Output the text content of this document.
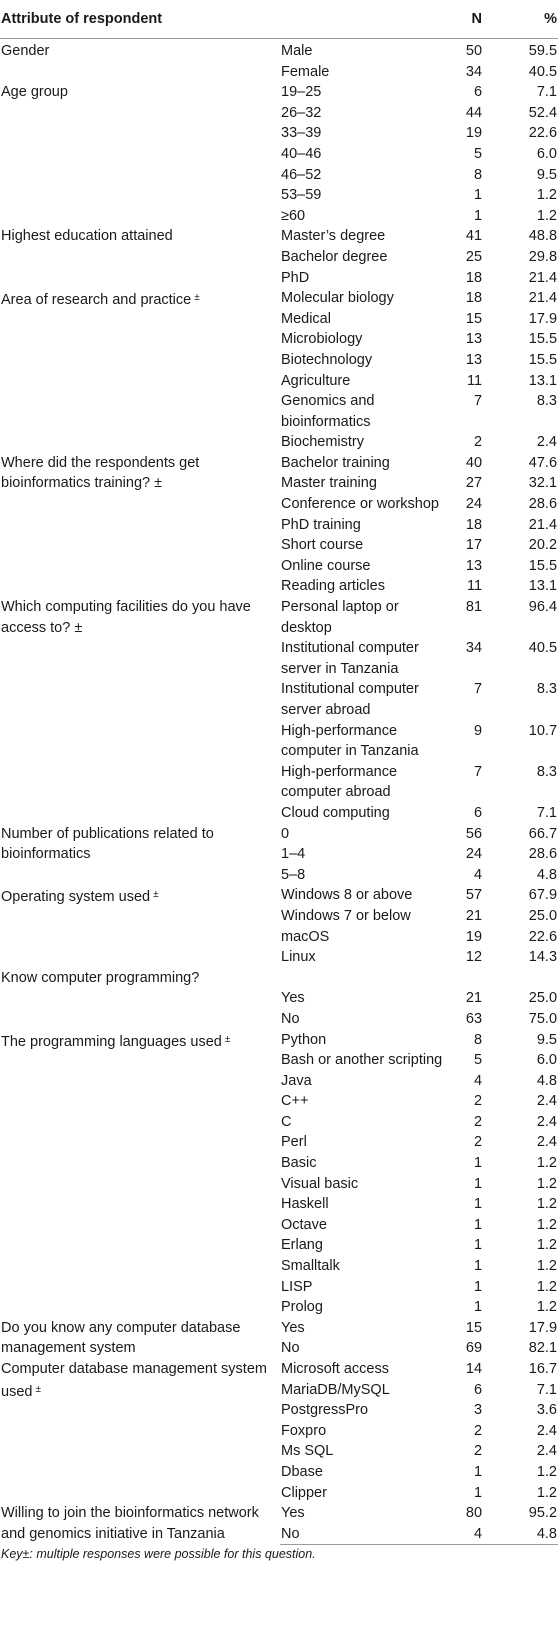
Attribute of respondent		N	%
Gender	Male	50	59.5
	Female	34	40.5
Age group	19–25	6	7.1
	26–32	44	52.4
	33–39	19	22.6
	40–46	5	6.0
	46–52	8	9.5
	53–59	1	1.2
	≥60	1	1.2
Highest education attained	Master’s degree	41	48.8
	Bachelor degree	25	29.8
	PhD	18	21.4
Area of research and practice ±	Molecular biology	18	21.4
	Medical	15	17.9
	Microbiology	13	15.5
	Biotechnology	13	15.5
	Agriculture	11	13.1
	Genomics and bioinformatics	7	8.3
	Biochemistry	2	2.4
Where did the respondents get bioinformatics training? ±	Bachelor training	40	47.6
	Master training	27	32.1
	Conference or workshop	24	28.6
	PhD training	18	21.4
	Short course	17	20.2
	Online course	13	15.5
	Reading articles	11	13.1
Which computing facilities do you have access to? ±	Personal laptop or desktop	81	96.4
	Institutional computer server in Tanzania	34	40.5
	Institutional computer server abroad	7	8.3
	High-performance computer in Tanzania	9	10.7
	High-performance computer abroad	7	8.3
	Cloud computing	6	7.1
Number of publications related to bioinformatics	0	56	66.7
	1–4	24	28.6
	5–8	4	4.8
Operating system used ±	Windows 8 or above	57	67.9
	Windows 7 or below	21	25.0
	macOS	19	22.6
	Linux	12	14.3
Know computer programming?			
	Yes	21	25.0
	No	63	75.0
The programming languages used ±	Python	8	9.5
	Bash or another scripting	5	6.0
	Java	4	4.8
	C++	2	2.4
	C	2	2.4
	Perl	2	2.4
	Basic	1	1.2
	Visual basic	1	1.2
	Haskell	1	1.2
	Octave	1	1.2
	Erlang	1	1.2
	Smalltalk	1	1.2
	LISP	1	1.2
	Prolog	1	1.2
Do you know any computer database management system	Yes	15	17.9
	No	69	82.1
Computer database management system used ±	Microsoft access	14	16.7
	MariaDB/MySQL	6	7.1
	PostgressPro	3	3.6
	Foxpro	2	2.4
	Ms SQL	2	2.4
	Dbase	1	1.2
	Clipper	1	1.2
Willing to join the bioinformatics network and genomics initiative in Tanzania	Yes	80	95.2
	No	4	4.8
Key±: multiple responses were possible for this question.
